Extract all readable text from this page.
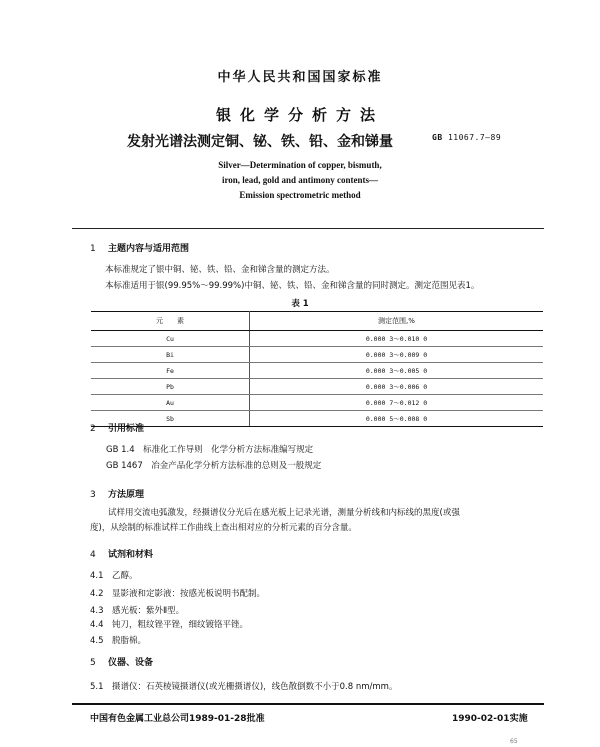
中华人民共和国国家标准
银化学分析方法
发射光谱法测定铜、铋、铁、铅、金和锑量	GB 11067.7—89
Silver—Determination of copper, bismuth,
iron, lead, gold and antimony contents—
Emission spectrometric method
1 主题内容与适用范围
本标准规定了银中铜、铋、铁、铅、金和锑含量的测定方法。
本标准适用于银(99.95%～99.99%)中铜、铋、铁、铅、金和锑含量的同时测定。测定范围见表1。
表 1
元　　素	测定范围,%
Cu	0.000 3～0.010 0
Bi	0.000 3～0.009 0
Fe	0.000 3～0.005 0
Pb	0.000 3～0.006 0
Au	0.000 7～0.012 0
Sb	0.000 5～0.008 0
2 引用标准
GB 1.4　标准化工作导则　化学分析方法标准编写规定
GB 1467　冶金产品化学分析方法标准的总则及一般规定
3 方法原理
试样用交流电弧激发，经摄谱仪分光后在感光板上记录光谱，测量分析线和内标线的黑度(或强
度)，从绘制的标准试样工作曲线上查出相对应的分析元素的百分含量。
4 试剂和材料
4.1 乙醇。
4.2 显影液和定影液：按感光板说明书配制。
4.3 感光板：紫外Ⅱ型。
4.4 钝刀，粗纹锉平锉，细纹镀铬平锉。
4.5 脱脂棉。
5 仪器、设备
5.1 摄谱仪：石英棱镜摄谱仪(或光栅摄谱仪)，线色散倒数不小于0.8 nm/mm。
中国有色金属工业总公司1989-01-28批准	1990-02-01实施
65
